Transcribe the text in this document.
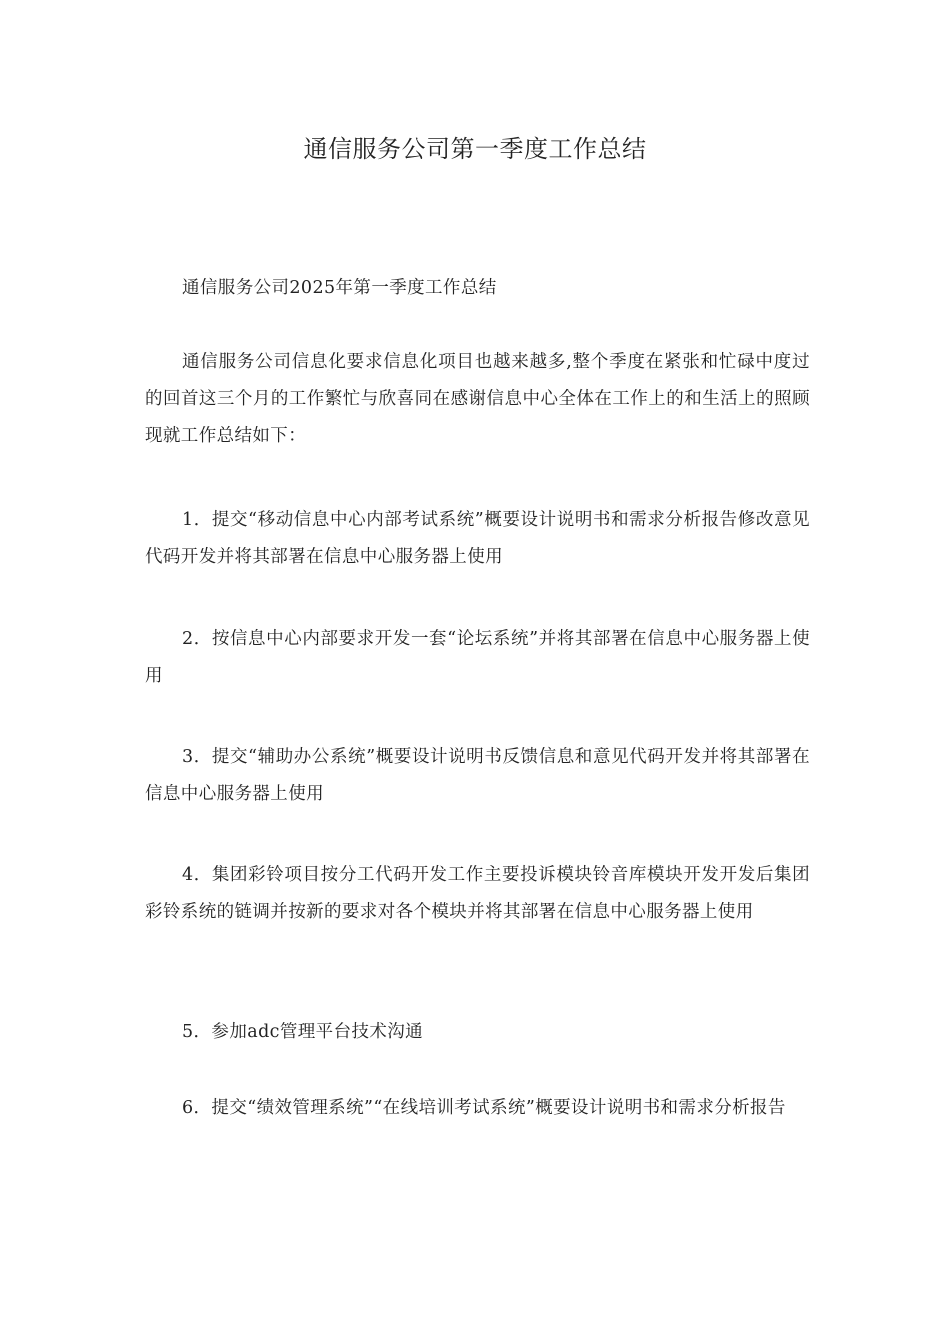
通信服务公司第一季度工作总结

通信服务公司2025年第一季度工作总结

通信服务公司信息化要求信息化项目也越来越多,整个季度在紧张和忙碌中度过的回首这三个月的工作繁忙与欣喜同在感谢信息中心全体在工作上的和生活上的照顾现就工作总结如下：

1．提交“移动信息中心内部考试系统”概要设计说明书和需求分析报告修改意见代码开发并将其部署在信息中心服务器上使用

2．按信息中心内部要求开发一套“论坛系统”并将其部署在信息中心服务器上使用

3．提交“辅助办公系统”概要设计说明书反馈信息和意见代码开发并将其部署在信息中心服务器上使用

4．集团彩铃项目按分工代码开发工作主要投诉模块铃音库模块开发开发后集团彩铃系统的链调并按新的要求对各个模块并将其部署在信息中心服务器上使用

5．参加adc管理平台技术沟通

6．提交“绩效管理系统”“在线培训考试系统”概要设计说明书和需求分析报告
